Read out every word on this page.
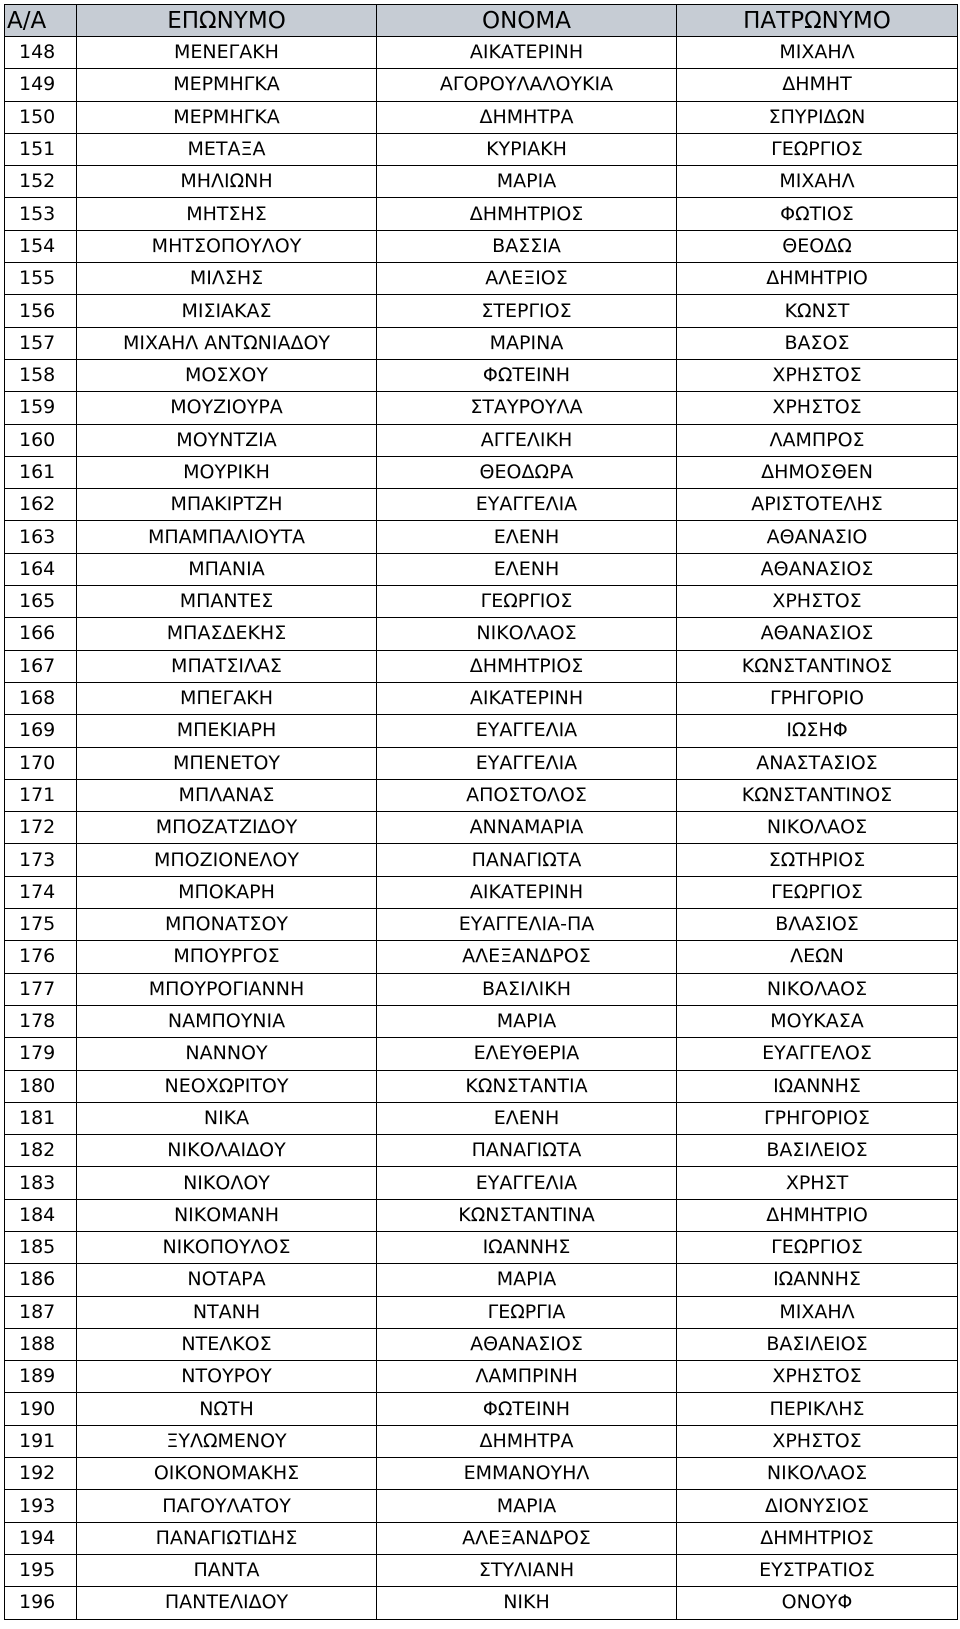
Α/Α	ΕΠΩΝΥΜΟ	ΟΝΟΜΑ	ΠΑΤΡΩΝΥΜΟ
148	ΜΕΝΕΓΑΚΗ	ΑΙΚΑΤΕΡΙΝΗ	ΜΙΧΑΗΛ
149	ΜΕΡΜΗΓΚΑ	ΑΓΟΡΟΥΛΑΛΟΥΚΙΑ	ΔΗΜΗΤ
150	ΜΕΡΜΗΓΚΑ	ΔΗΜΗΤΡΑ	ΣΠΥΡΙΔΩΝ
151	ΜΕΤΑΞΑ	ΚΥΡΙΑΚΗ	ΓΕΩΡΓΙΟΣ
152	ΜΗΛΙΩΝΗ	ΜΑΡΙΑ	ΜΙΧΑΗΛ
153	ΜΗΤΣΗΣ	ΔΗΜΗΤΡΙΟΣ	ΦΩΤΙΟΣ
154	ΜΗΤΣΟΠΟΥΛΟΥ	ΒΑΣΣΙΑ	ΘΕΟΔΩ
155	ΜΙΛΣΗΣ	ΑΛΕΞΙΟΣ	ΔΗΜΗΤΡΙΟ
156	ΜΙΣΙΑΚΑΣ	ΣΤΕΡΓΙΟΣ	ΚΩΝΣΤ
157	ΜΙΧΑΗΛ ΑΝΤΩΝΙΑΔΟΥ	ΜΑΡΙΝΑ	ΒΑΣΟΣ
158	ΜΟΣΧΟΥ	ΦΩΤΕΙΝΗ	ΧΡΗΣΤΟΣ
159	ΜΟΥΖΙΟΥΡΑ	ΣΤΑΥΡΟΥΛΑ	ΧΡΗΣΤΟΣ
160	ΜΟΥΝΤΖΙΑ	ΑΓΓΕΛΙΚΗ	ΛΑΜΠΡΟΣ
161	ΜΟΥΡΙΚΗ	ΘΕΟΔΩΡΑ	ΔΗΜΟΣΘΕΝ
162	ΜΠΑΚΙΡΤΖΗ	ΕΥΑΓΓΕΛΙΑ	ΑΡΙΣΤΟΤΕΛΗΣ
163	ΜΠΑΜΠΑΛΙΟΥΤΑ	ΕΛΕΝΗ	ΑΘΑΝΑΣΙΟ
164	ΜΠΑΝΙΑ	ΕΛΕΝΗ	ΑΘΑΝΑΣΙΟΣ
165	ΜΠΑΝΤΕΣ	ΓΕΩΡΓΙΟΣ	ΧΡΗΣΤΟΣ
166	ΜΠΑΣΔΕΚΗΣ	ΝΙΚΟΛΑΟΣ	ΑΘΑΝΑΣΙΟΣ
167	ΜΠΑΤΣΙΛΑΣ	ΔΗΜΗΤΡΙΟΣ	ΚΩΝΣΤΑΝΤΙΝΟΣ
168	ΜΠΕΓΑΚΗ	ΑΙΚΑΤΕΡΙΝΗ	ΓΡΗΓΟΡΙΟ
169	ΜΠΕΚΙΑΡΗ	ΕΥΑΓΓΕΛΙΑ	ΙΩΣΗΦ
170	ΜΠΕΝΕΤΟΥ	ΕΥΑΓΓΕΛΙΑ	ΑΝΑΣΤΑΣΙΟΣ
171	ΜΠΛΑΝΑΣ	ΑΠΟΣΤΟΛΟΣ	ΚΩΝΣΤΑΝΤΙΝΟΣ
172	ΜΠΟΖΑΤΖΙΔΟΥ	ΑΝΝΑΜΑΡΙΑ	ΝΙΚΟΛΑΟΣ
173	ΜΠΟΖΙΟΝΕΛΟΥ	ΠΑΝΑΓΙΩΤΑ	ΣΩΤΗΡΙΟΣ
174	ΜΠΟΚΑΡΗ	ΑΙΚΑΤΕΡΙΝΗ	ΓΕΩΡΓΙΟΣ
175	ΜΠΟΝΑΤΣΟΥ	ΕΥΑΓΓΕΛΙΑ-ΠΑ	ΒΛΑΣΙΟΣ
176	ΜΠΟΥΡΓΟΣ	ΑΛΕΞΑΝΔΡΟΣ	ΛΕΩΝ
177	ΜΠΟΥΡΟΓΙΑΝΝΗ	ΒΑΣΙΛΙΚΗ	ΝΙΚΟΛΑΟΣ
178	ΝΑΜΠΟΥΝΙΑ	ΜΑΡΙΑ	ΜΟΥΚΑΣΑ
179	ΝΑΝΝΟΥ	ΕΛΕΥΘΕΡΙΑ	ΕΥΑΓΓΕΛΟΣ
180	ΝΕΟΧΩΡΙΤΟΥ	ΚΩΝΣΤΑΝΤΙΑ	ΙΩΑΝΝΗΣ
181	ΝΙΚΑ	ΕΛΕΝΗ	ΓΡΗΓΟΡΙΟΣ
182	ΝΙΚΟΛΑΙΔΟΥ	ΠΑΝΑΓΙΩΤΑ	ΒΑΣΙΛΕΙΟΣ
183	ΝΙΚΟΛΟΥ	ΕΥΑΓΓΕΛΙΑ	ΧΡΗΣΤ
184	ΝΙΚΟΜΑΝΗ	ΚΩΝΣΤΑΝΤΙΝΑ	ΔΗΜΗΤΡΙΟ
185	ΝΙΚΟΠΟΥΛΟΣ	ΙΩΑΝΝΗΣ	ΓΕΩΡΓΙΟΣ
186	ΝΟΤΑΡΑ	ΜΑΡΙΑ	ΙΩΑΝΝΗΣ
187	ΝΤΑΝΗ	ΓΕΩΡΓΙΑ	ΜΙΧΑΗΛ
188	ΝΤΕΛΚΟΣ	ΑΘΑΝΑΣΙΟΣ	ΒΑΣΙΛΕΙΟΣ
189	ΝΤΟΥΡΟΥ	ΛΑΜΠΡΙΝΗ	ΧΡΗΣΤΟΣ
190	ΝΩΤΗ	ΦΩΤΕΙΝΗ	ΠΕΡΙΚΛΗΣ
191	ΞΥΛΩΜΕΝΟΥ	ΔΗΜΗΤΡΑ	ΧΡΗΣΤΟΣ
192	ΟΙΚΟΝΟΜΑΚΗΣ	ΕΜΜΑΝΟΥΗΛ	ΝΙΚΟΛΑΟΣ
193	ΠΑΓΟΥΛΑΤΟΥ	ΜΑΡΙΑ	ΔΙΟΝΥΣΙΟΣ
194	ΠΑΝΑΓΙΩΤΙΔΗΣ	ΑΛΕΞΑΝΔΡΟΣ	ΔΗΜΗΤΡΙΟΣ
195	ΠΑΝΤΑ	ΣΤΥΛΙΑΝΗ	ΕΥΣΤΡΑΤΙΟΣ
196	ΠΑΝΤΕΛΙΔΟΥ	ΝΙΚΗ	ΟΝΟΥΦ
